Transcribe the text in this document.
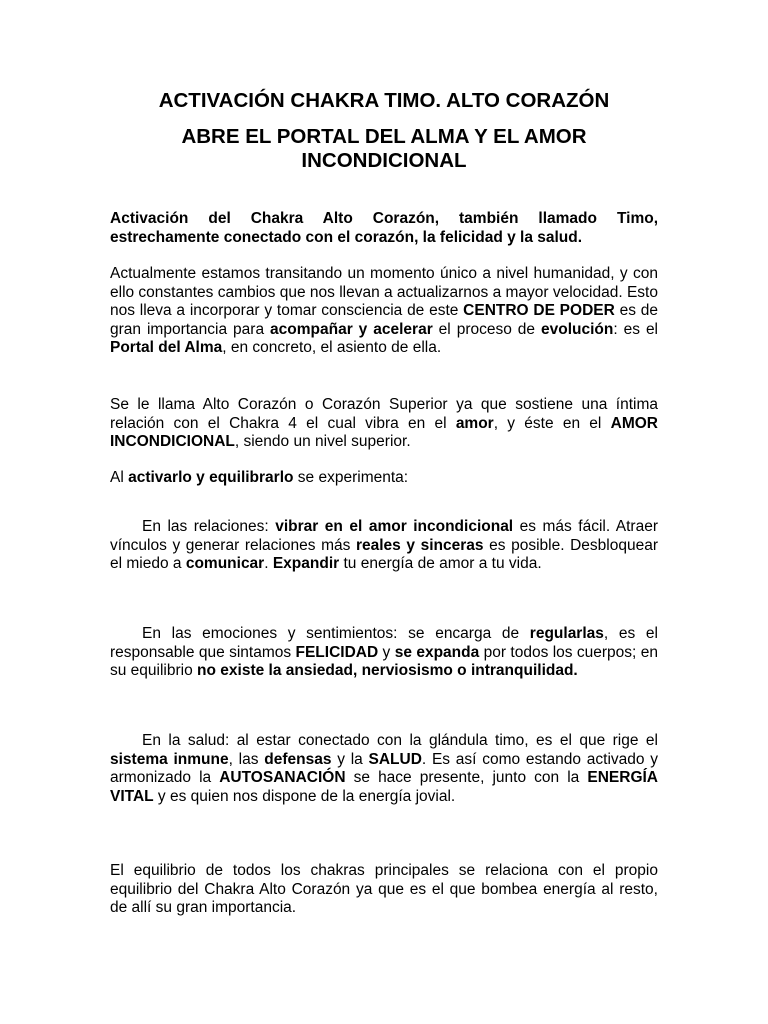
ACTIVACIÓN CHAKRA TIMO. ALTO CORAZÓN
ABRE EL PORTAL DEL ALMA Y EL AMOR
INCONDICIONAL

Activación del Chakra Alto Corazón, también llamado Timo, estrechamente conectado con el corazón, la felicidad y la salud.

Actualmente estamos transitando un momento único a nivel humanidad, y con ello constantes cambios que nos llevan a actualizarnos a mayor velocidad. Esto nos lleva a incorporar y tomar consciencia de este CENTRO DE PODER es de gran importancia para acompañar y acelerar el proceso de evolución: es el Portal del Alma, en concreto, el asiento de ella.

Se le llama Alto Corazón o Corazón Superior ya que sostiene una íntima relación con el Chakra 4 el cual vibra en el amor, y éste en el AMOR INCONDICIONAL, siendo un nivel superior.

Al activarlo y equilibrarlo se experimenta:

En las relaciones: vibrar en el amor incondicional es más fácil. Atraer vínculos y generar relaciones más reales y sinceras es posible. Desbloquear el miedo a comunicar. Expandir tu energía de amor a tu vida.

En las emociones y sentimientos: se encarga de regularlas, es el responsable que sintamos FELICIDAD y se expanda por todos los cuerpos; en su equilibrio no existe la ansiedad, nerviosismo o intranquilidad.

En la salud: al estar conectado con la glándula timo, es el que rige el sistema inmune, las defensas y la SALUD. Es así como estando activado y armonizado la AUTOSANACIÓN se hace presente, junto con la ENERGÍA VITAL y es quien nos dispone de la energía jovial.

El equilibrio de todos los chakras principales se relaciona con el propio equilibrio del Chakra Alto Corazón ya que es el que bombea energía al resto, de allí su gran importancia.
